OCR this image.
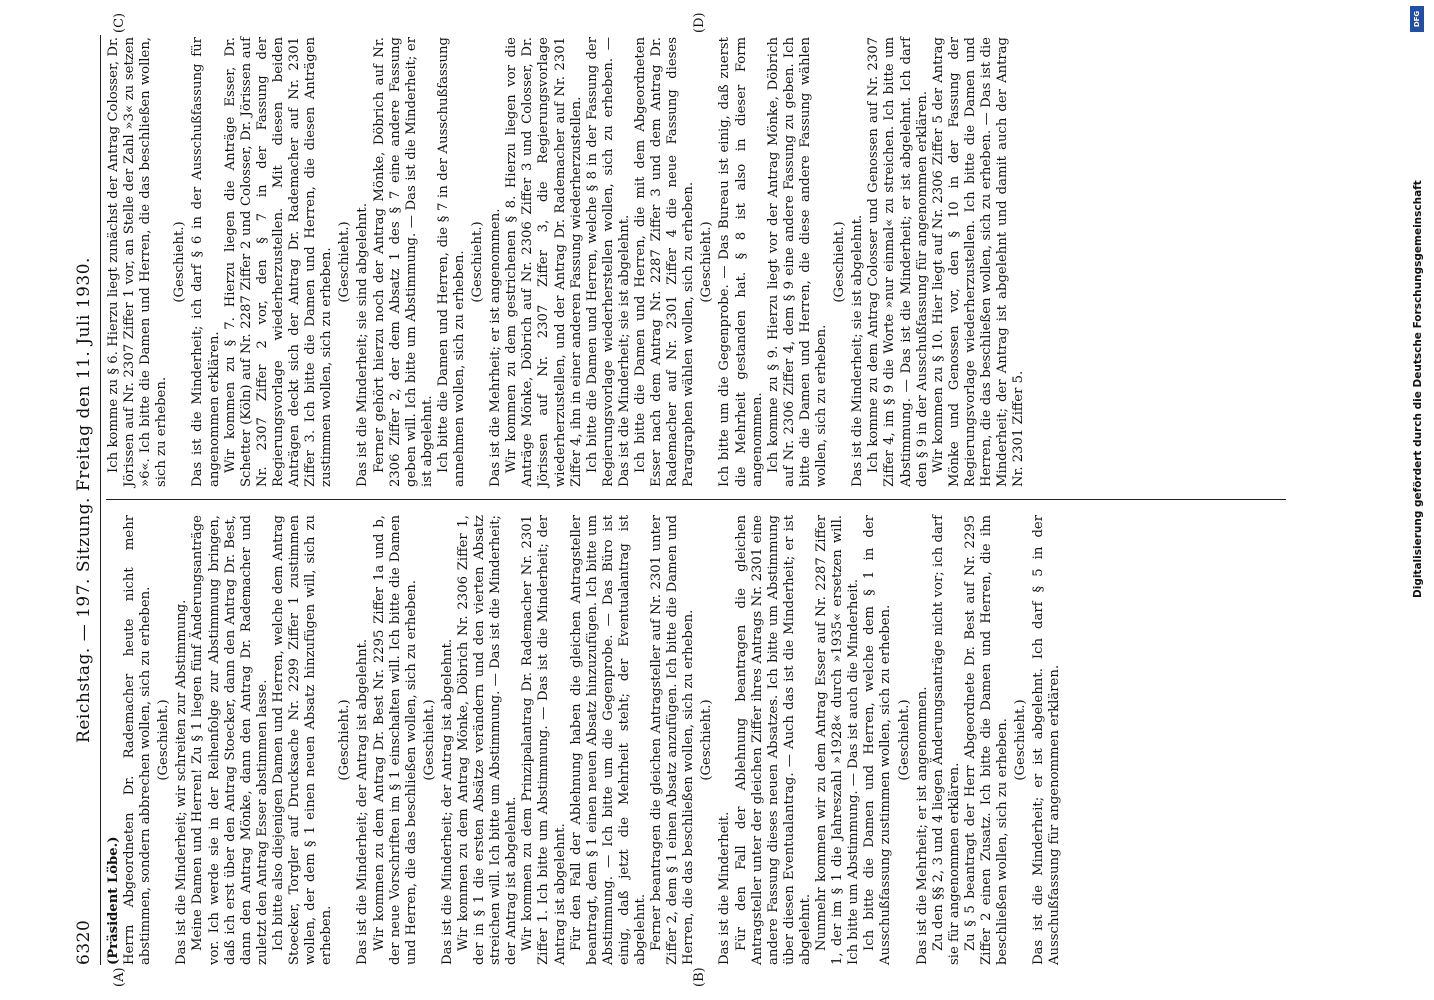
6320
Reichstag. — 197. Sitzung. Freitag den 11. Juli 1930.

(Präsident Löbe.) Herrn Abgeordneten Dr. Rademacher heute nicht mehr abstimmen, sondern abbrechen wollen, sich zu erheben. (Geschieht.) Das ist die Minderheit; wir schreiten zur Abstimmung. Meine Damen und Herren! Zu § 1 liegen fünf Änderungsanträge vor. Ich werde sie in der Reihenfolge zur Abstimmung bringen, daß ich erst über den Antrag Stoecker, dann den Antrag Dr. Best, dann den Antrag Mönke, dann den Antrag Dr. Rademacher und zuletzt den Antrag Esser abstimmen lasse. Ich bitte also diejenigen Damen und Herren, welche dem Antrag Stoecker, Torgler auf Drucksache Nr. 2299 Ziffer 1 zustimmen wollen, der dem § 1 einen neuen Absatz hinzufügen will, sich zu erheben.

(Geschieht.) Das ist die Minderheit; der Antrag ist abgelehnt. Wir kommen zu dem Antrag Dr. Best Nr. 2295 Ziffer 1a und b, der neue Vorschriften im § 1 einschalten will. Ich bitte die Damen und Herren, die das beschließen wollen, sich zu erheben. (Geschieht.) Das ist die Minderheit; der Antrag ist abgelehnt. Wir kommen zu dem Antrag Mönke, Döbrich Nr. 2306 Ziffer 1, der in § 1 die ersten Absätze verändern und den vierten Absatz streichen will. Ich bitte um Abstimmung. — Das ist die Minderheit; der Antrag ist abgelehnt. Wir kommen zu dem Prinzipalantrag Dr. Rademacher Nr. 2301 Ziffer 1. Ich bitte um Abstimmung. — Das ist die Minderheit; der Antrag ist abgelehnt. Für den Fall der Ablehnung haben die gleichen Antragsteller beantragt, dem § 1 einen neuen Absatz hinzuzufügen. Ich bitte um Abstimmung. — Ich bitte um die Gegenprobe. — Das Büro ist einig, daß jetzt die Mehrheit steht; der Eventualantrag ist abgelehnt. Ferner beantragen die gleichen Antragsteller auf Nr. 2301 unter Ziffer 2, dem § 1 einen Absatz anzufügen. Ich bitte die Damen und Herren, die das beschließen wollen, sich zu erheben. (Geschieht.)

Das ist die Minderheit. Für den Fall der Ablehnung beantragen die gleichen Antragsteller unter der gleichen Ziffer ihres Antrags Nr. 2301 eine andere Fassung dieses neuen Absatzes. Ich bitte um Abstimmung über diesen Eventualantrag. — Auch das ist die Minderheit; er ist abgelehnt. Nunmehr kommen wir zu dem Antrag Esser auf Nr. 2287 Ziffer 1, der im § 1 die Jahreszahl »1928« durch »1935« ersetzen will. Ich bitte um Abstimmung. — Das ist auch die Minderheit. Ich bitte die Damen und Herren, welche dem § 1 in der Ausschußfassung zustimmen wollen, sich zu erheben. (Geschieht.) Das ist die Mehrheit; er ist angenommen. Zu den §§ 2, 3 und 4 liegen Änderungsanträge nicht vor; ich darf sie für angenommen erklären. Zu § 5 beantragt der Herr Abgeordnete Dr. Best auf Nr. 2295 Ziffer 2 einen Zusatz. Ich bitte die Damen und Herren, die ihn beschließen wollen, sich zu erheben. (Geschieht.) Das ist die Minderheit; er ist abgelehnt. Ich darf § 5 in der Ausschußfassung für angenommen erklären.

Ich komme zu § 6. Hierzu liegt zunächst der Antrag Colosser, Dr. Jörissen auf Nr. 2307 Ziffer 1 vor, an Stelle der Zahl »3« zu setzen »6«. Ich bitte die Damen und Herren, die das beschließen wollen, sich zu erheben.

(Geschieht.) Das ist die Minderheit; ich darf § 6 in der Ausschußfassung für angenommen erklären. Wir kommen zu § 7. Hierzu liegen die Anträge Esser, Dr. Schetter (Köln) auf Nr. 2287 Ziffer 2 und Colosser, Dr. Jörissen auf Nr. 2307 Ziffer 2 vor, den § 7 in der Fassung der Regierungsvorlage wiederherzustellen. Mit diesen beiden Anträgen deckt sich der Antrag Dr. Rademacher auf Nr. 2301 Ziffer 3. Ich bitte die Damen und Herren, die diesen Anträgen zustimmen wollen, sich zu erheben. (Geschieht.) Das ist die Minderheit; sie sind abgelehnt. Ferner gehört hierzu noch der Antrag Mönke, Döbrich auf Nr. 2306 Ziffer 2, der dem Absatz 1 des § 7 eine andere Fassung geben will. Ich bitte um Abstimmung. — Das ist die Minderheit; er ist abgelehnt. Ich bitte die Damen und Herren, die § 7 in der Ausschußfassung annehmen wollen, sich zu erheben. (Geschieht.) Das ist die Mehrheit; er ist angenommen. Wir kommen zu dem gestrichenen § 8. Hierzu liegen vor die Anträge Mönke, Döbrich auf Nr. 2306 Ziffer 3 und Colosser, Dr. Jörissen auf Nr. 2307 Ziffer 3, die Regierungsvorlage wiederherzustellen, und der Antrag Dr. Rademacher auf Nr. 2301 Ziffer 4, ihn in einer anderen Fassung wiederherzustellen. Ich bitte die Damen und Herren, welche § 8 in der Fassung der Regierungsvorlage wiederherstellen wollen, sich zu erheben. — Das ist die Minderheit; sie ist abgelehnt. Ich bitte die Damen und Herren, die mit dem Abgeordneten Esser nach dem Antrag Nr. 2287 Ziffer 3 und dem Antrag Dr. Rademacher auf Nr. 2301 Ziffer 4 die neue Fassung dieses Paragraphen wählen wollen, sich zu erheben. (Geschieht.) Ich bitte um die Gegenprobe. — Das Bureau ist einig, daß zuerst die Mehrheit gestanden hat. § 8 ist also in dieser Form angenommen. Ich komme zu § 9. Hierzu liegt vor der Antrag Mönke, Döbrich auf Nr. 2306 Ziffer 4, dem § 9 eine andere Fassung zu geben. Ich bitte die Damen und Herren, die diese andere Fassung wählen wollen, sich zu erheben.

(Geschieht.) Das ist die Minderheit; sie ist abgelehnt. Ich komme zu dem Antrag Colosser und Genossen auf Nr. 2307 Ziffer 4, im § 9 die Worte »nur einmal« zu streichen. Ich bitte um Abstimmung. — Das ist die Minderheit; er ist abgelehnt. Ich darf den § 9 in der Ausschußfassung für angenommen erklären. Wir kommen zu § 10. Hier liegt auf Nr. 2306 Ziffer 5 der Antrag Mönke und Genossen vor, den § 10 in der Fassung der Regierungsvorlage wiederherzustellen. Ich bitte die Damen und Herren, die das beschließen wollen, sich zu erheben. — Das ist die Minderheit; der Antrag ist abgelehnt und damit auch der Antrag Nr. 2301 Ziffer 5.

(A)	(B)
(C)	(D)	DFG
Digitalisierung gefördert durch die Deutsche Forschungsgemeinschaft
